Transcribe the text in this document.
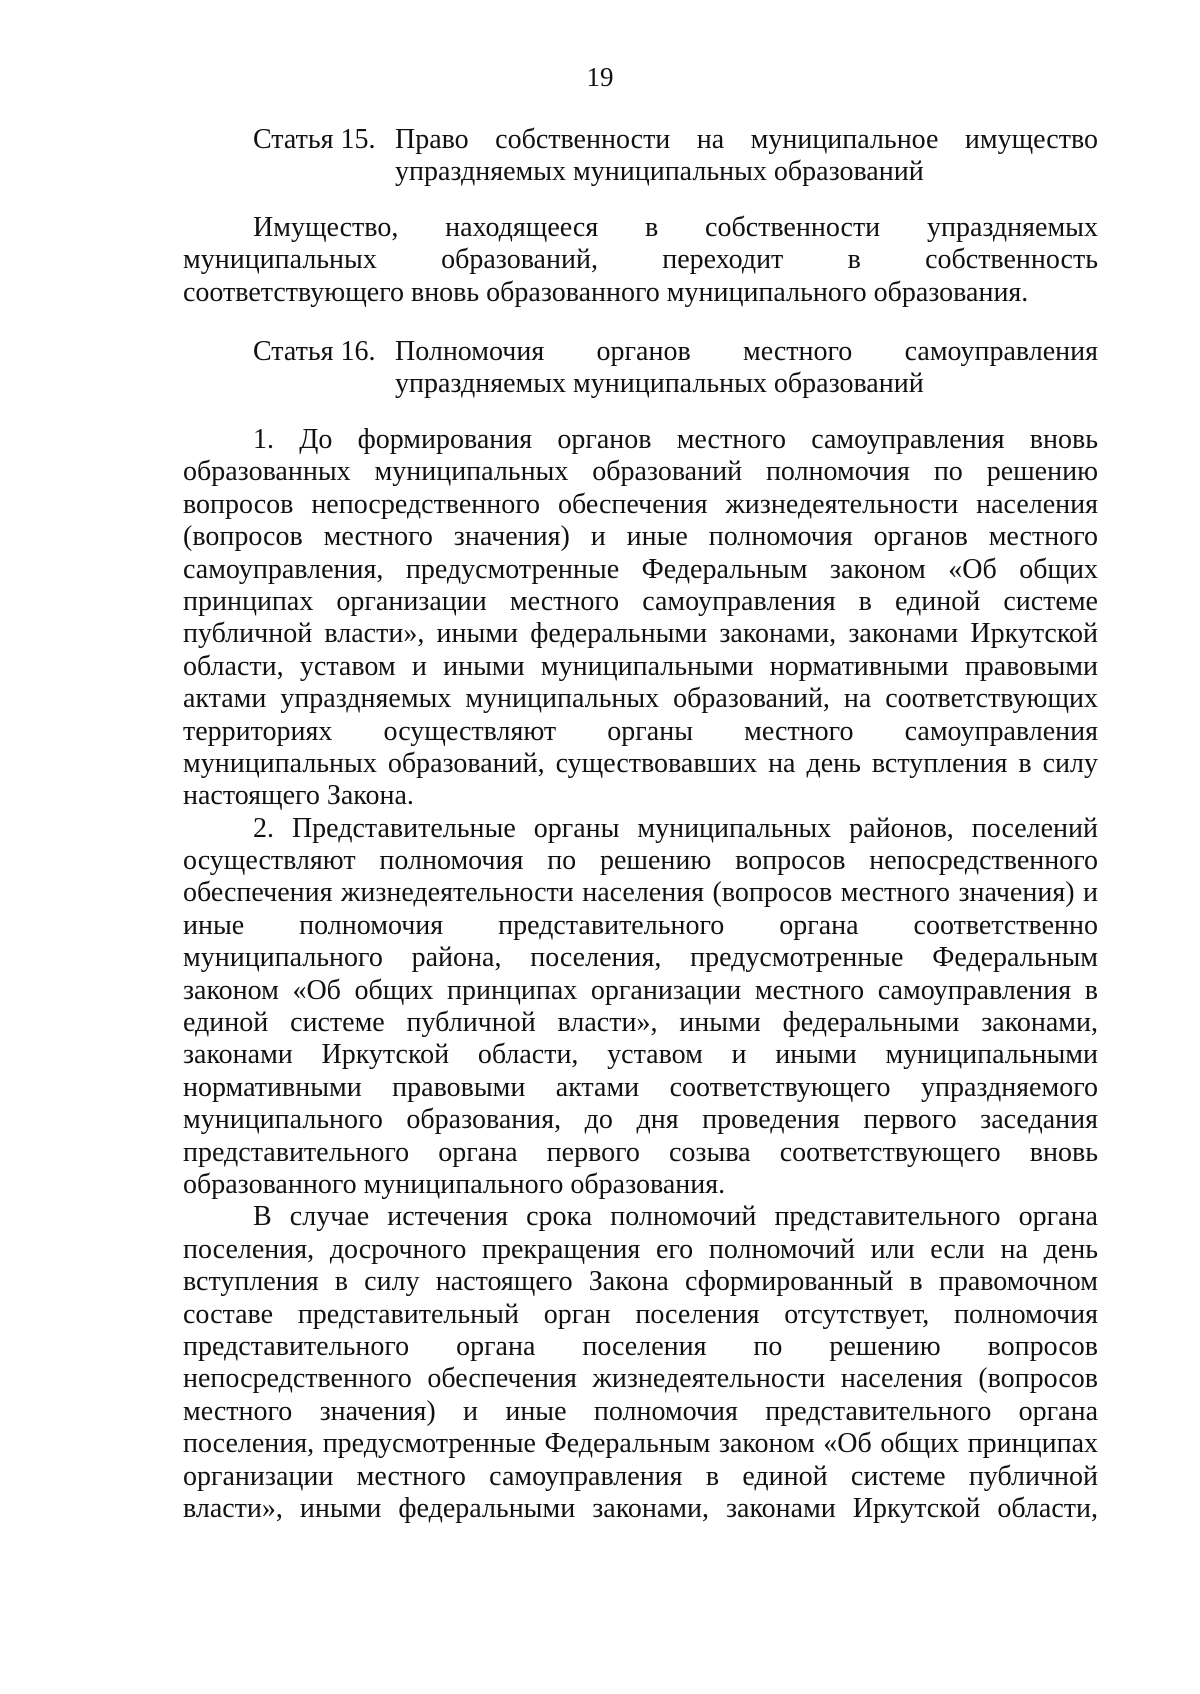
19
Статья 15. Право собственности на муниципальное имущество
упраздняемых муниципальных образований
Имущество, находящееся в собственности упраздняемых
муниципальных образований, переходит в собственность
соответствующего вновь образованного муниципального образования.
Статья 16. Полномочия органов местного самоуправления
упраздняемых муниципальных образований
1. До формирования органов местного самоуправления вновь
образованных муниципальных образований полномочия по решению
вопросов непосредственного обеспечения жизнедеятельности населения
(вопросов местного значения) и иные полномочия органов местного
самоуправления, предусмотренные Федеральным законом «Об общих
принципах организации местного самоуправления в единой системе
публичной власти», иными федеральными законами, законами Иркутской
области, уставом и иными муниципальными нормативными правовыми
актами упраздняемых муниципальных образований, на соответствующих
территориях осуществляют органы местного самоуправления
муниципальных образований, существовавших на день вступления в силу
настоящего Закона.
2. Представительные органы муниципальных районов, поселений
осуществляют полномочия по решению вопросов непосредственного
обеспечения жизнедеятельности населения (вопросов местного значения) и
иные полномочия представительного органа соответственно
муниципального района, поселения, предусмотренные Федеральным
законом «Об общих принципах организации местного самоуправления в
единой системе публичной власти», иными федеральными законами,
законами Иркутской области, уставом и иными муниципальными
нормативными правовыми актами соответствующего упраздняемого
муниципального образования, до дня проведения первого заседания
представительного органа первого созыва соответствующего вновь
образованного муниципального образования.
В случае истечения срока полномочий представительного органа
поселения, досрочного прекращения его полномочий или если на день
вступления в силу настоящего Закона сформированный в правомочном
составе представительный орган поселения отсутствует, полномочия
представительного органа поселения по решению вопросов
непосредственного обеспечения жизнедеятельности населения (вопросов
местного значения) и иные полномочия представительного органа
поселения, предусмотренные Федеральным законом «Об общих принципах
организации местного самоуправления в единой системе публичной
власти», иными федеральными законами, законами Иркутской области,
